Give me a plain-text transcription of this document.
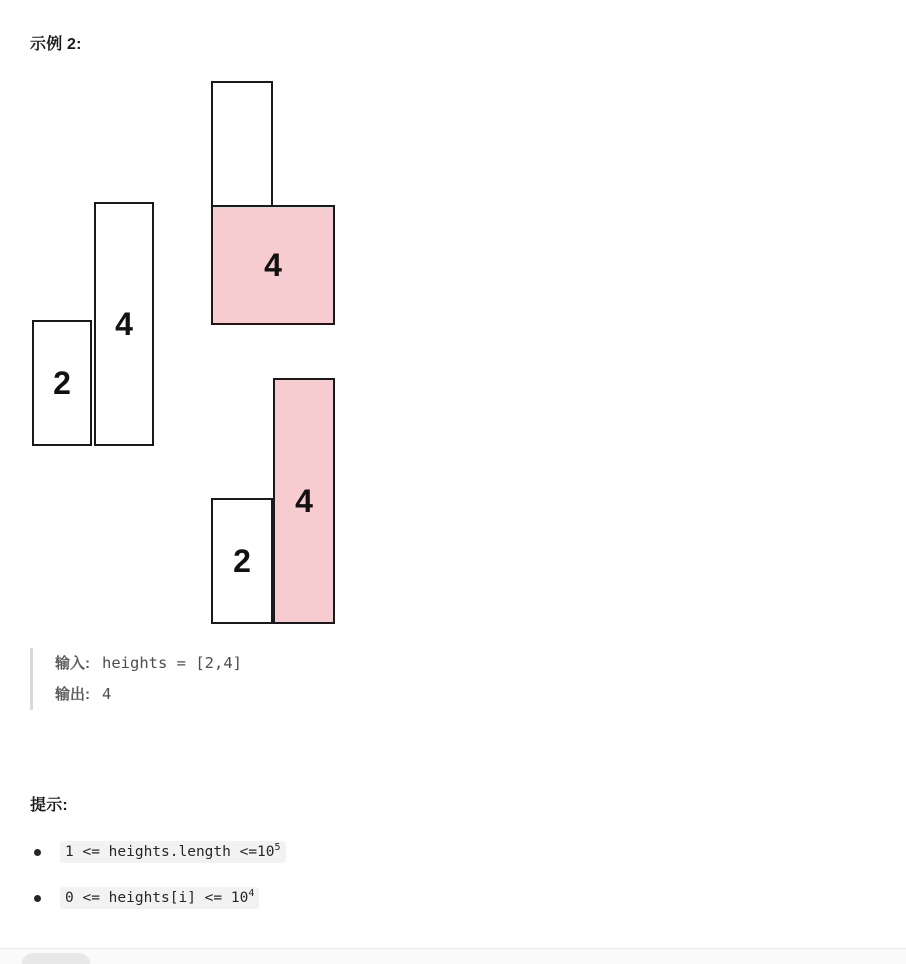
示例 2:
2
4
4
2
4
输入: heights = [2,4]
输出: 4
提示:
1 <= heights.length $<=10^5$
0 <= heights[i] <= $10^4$
